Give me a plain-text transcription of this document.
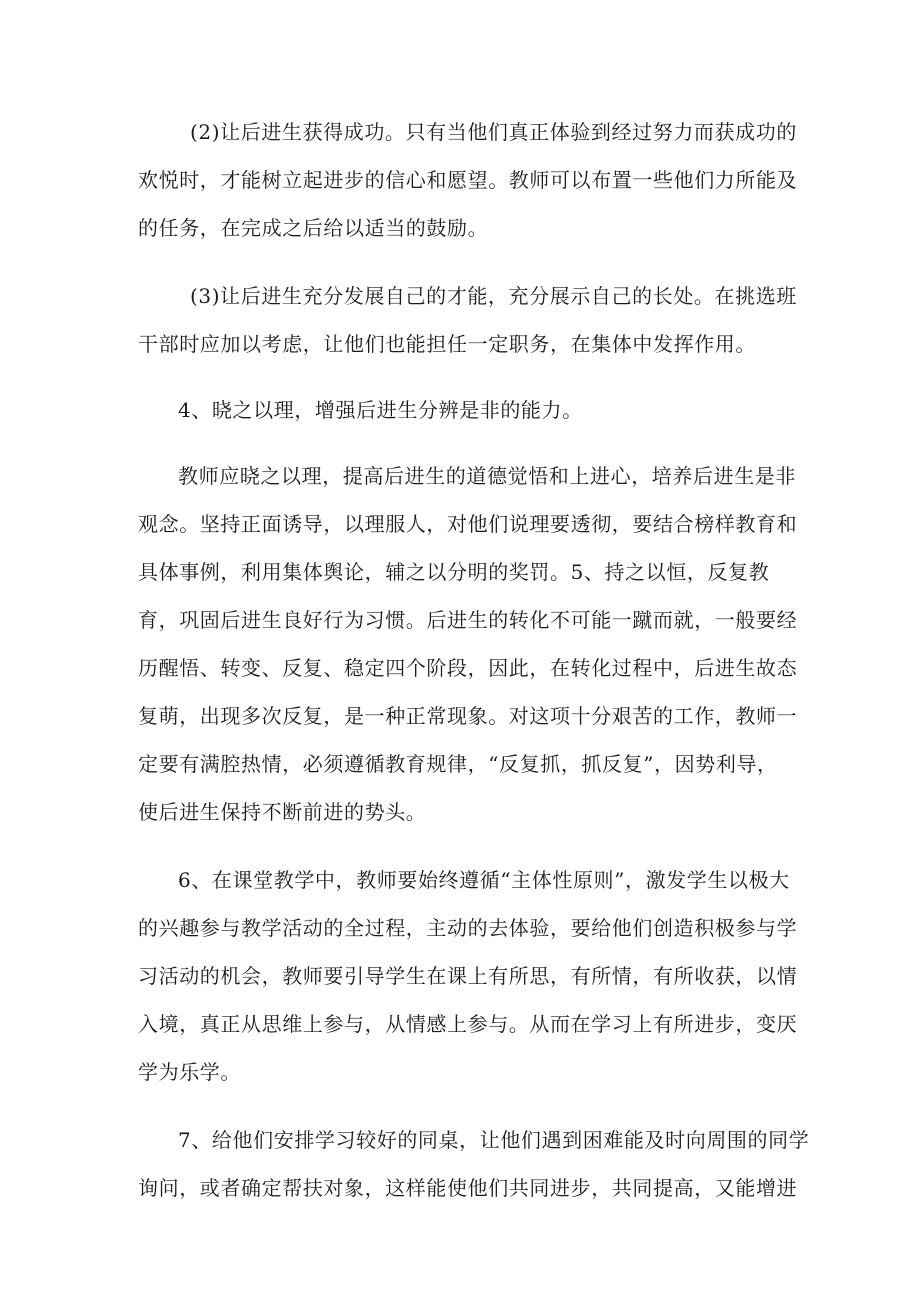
(2)让后进生获得成功。只有当他们真正体验到经过努力而获成功的
欢悦时，才能树立起进步的信心和愿望。教师可以布置一些他们力所能及
的任务，在完成之后给以适当的鼓励。
(3)让后进生充分发展自己的才能，充分展示自己的长处。在挑选班
干部时应加以考虑，让他们也能担任一定职务，在集体中发挥作用。
4、晓之以理，增强后进生分辨是非的能力。
教师应晓之以理，提高后进生的道德觉悟和上进心，培养后进生是非
观念。坚持正面诱导，以理服人，对他们说理要透彻，要结合榜样教育和
具体事例，利用集体舆论，辅之以分明的奖罚。5、持之以恒，反复教
育，巩固后进生良好行为习惯。后进生的转化不可能一蹴而就，一般要经
历醒悟、转变、反复、稳定四个阶段，因此，在转化过程中，后进生故态
复萌，出现多次反复，是一种正常现象。对这项十分艰苦的工作，教师一
定要有满腔热情，必须遵循教育规律，“反复抓，抓反复”，因势利导，
使后进生保持不断前进的势头。
6、在课堂教学中，教师要始终遵循“主体性原则”，激发学生以极大
的兴趣参与教学活动的全过程，主动的去体验，要给他们创造积极参与学
习活动的机会，教师要引导学生在课上有所思，有所情，有所收获，以情
入境，真正从思维上参与，从情感上参与。从而在学习上有所进步，变厌
学为乐学。
7、给他们安排学习较好的同桌，让他们遇到困难能及时向周围的同学
询问，或者确定帮扶对象，这样能使他们共同进步，共同提高，又能增进
